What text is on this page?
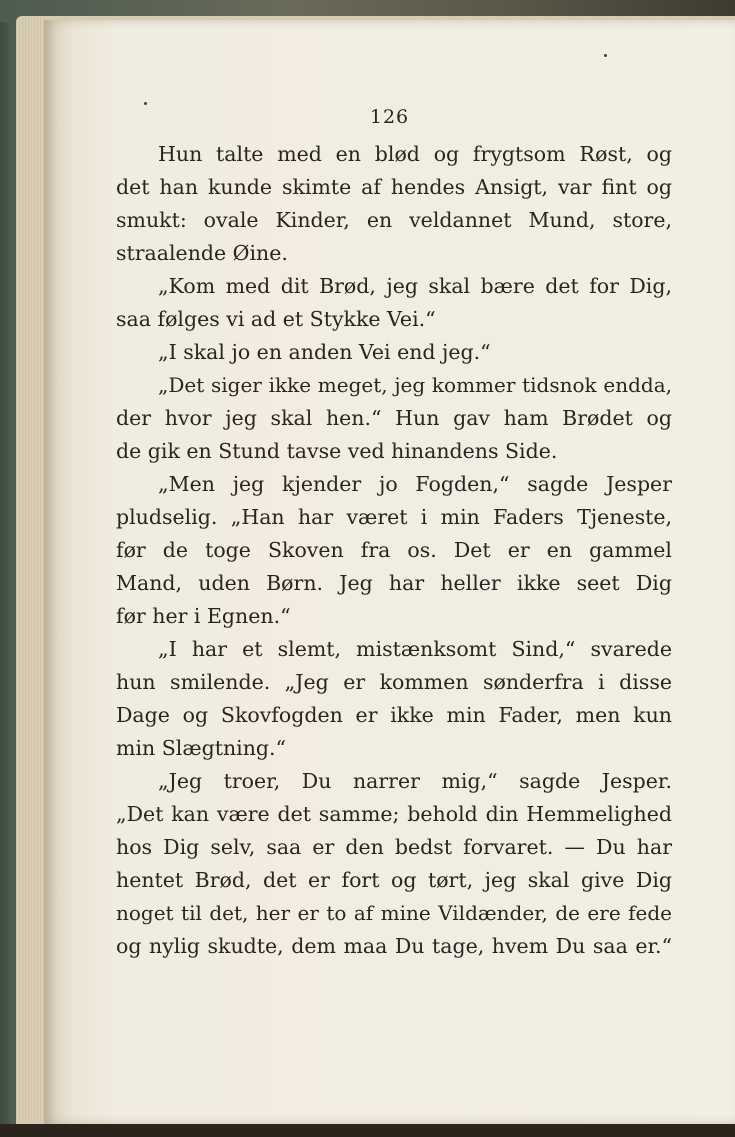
126
Hun talte med en blød og frygtsom Røst, og
det han kunde skimte af hendes Ansigt, var fint og
smukt: ovale Kinder, en veldannet Mund, store,
straalende Øine.
„Kom med dit Brød, jeg skal bære det for Dig,
saa følges vi ad et Stykke Vei.“
„I skal jo en anden Vei end jeg.“
„Det siger ikke meget, jeg kommer tidsnok endda,
der hvor jeg skal hen.“ Hun gav ham Brødet og
de gik en Stund tavse ved hinandens Side.
„Men jeg kjender jo Fogden,“ sagde Jesper
pludselig. „Han har været i min Faders Tjeneste,
før de toge Skoven fra os. Det er en gammel
Mand, uden Børn. Jeg har heller ikke seet Dig
før her i Egnen.“
„I har et slemt, mistænksomt Sind,“ svarede
hun smilende. „Jeg er kommen sønderfra i disse
Dage og Skovfogden er ikke min Fader, men kun
min Slægtning.“
„Jeg troer, Du narrer mig,“ sagde Jesper.
„Det kan være det samme; behold din Hemmelighed
hos Dig selv, saa er den bedst forvaret. — Du har
hentet Brød, det er fort og tørt, jeg skal give Dig
noget til det, her er to af mine Vildænder, de ere fede
og nylig skudte, dem maa Du tage, hvem Du saa er.“
